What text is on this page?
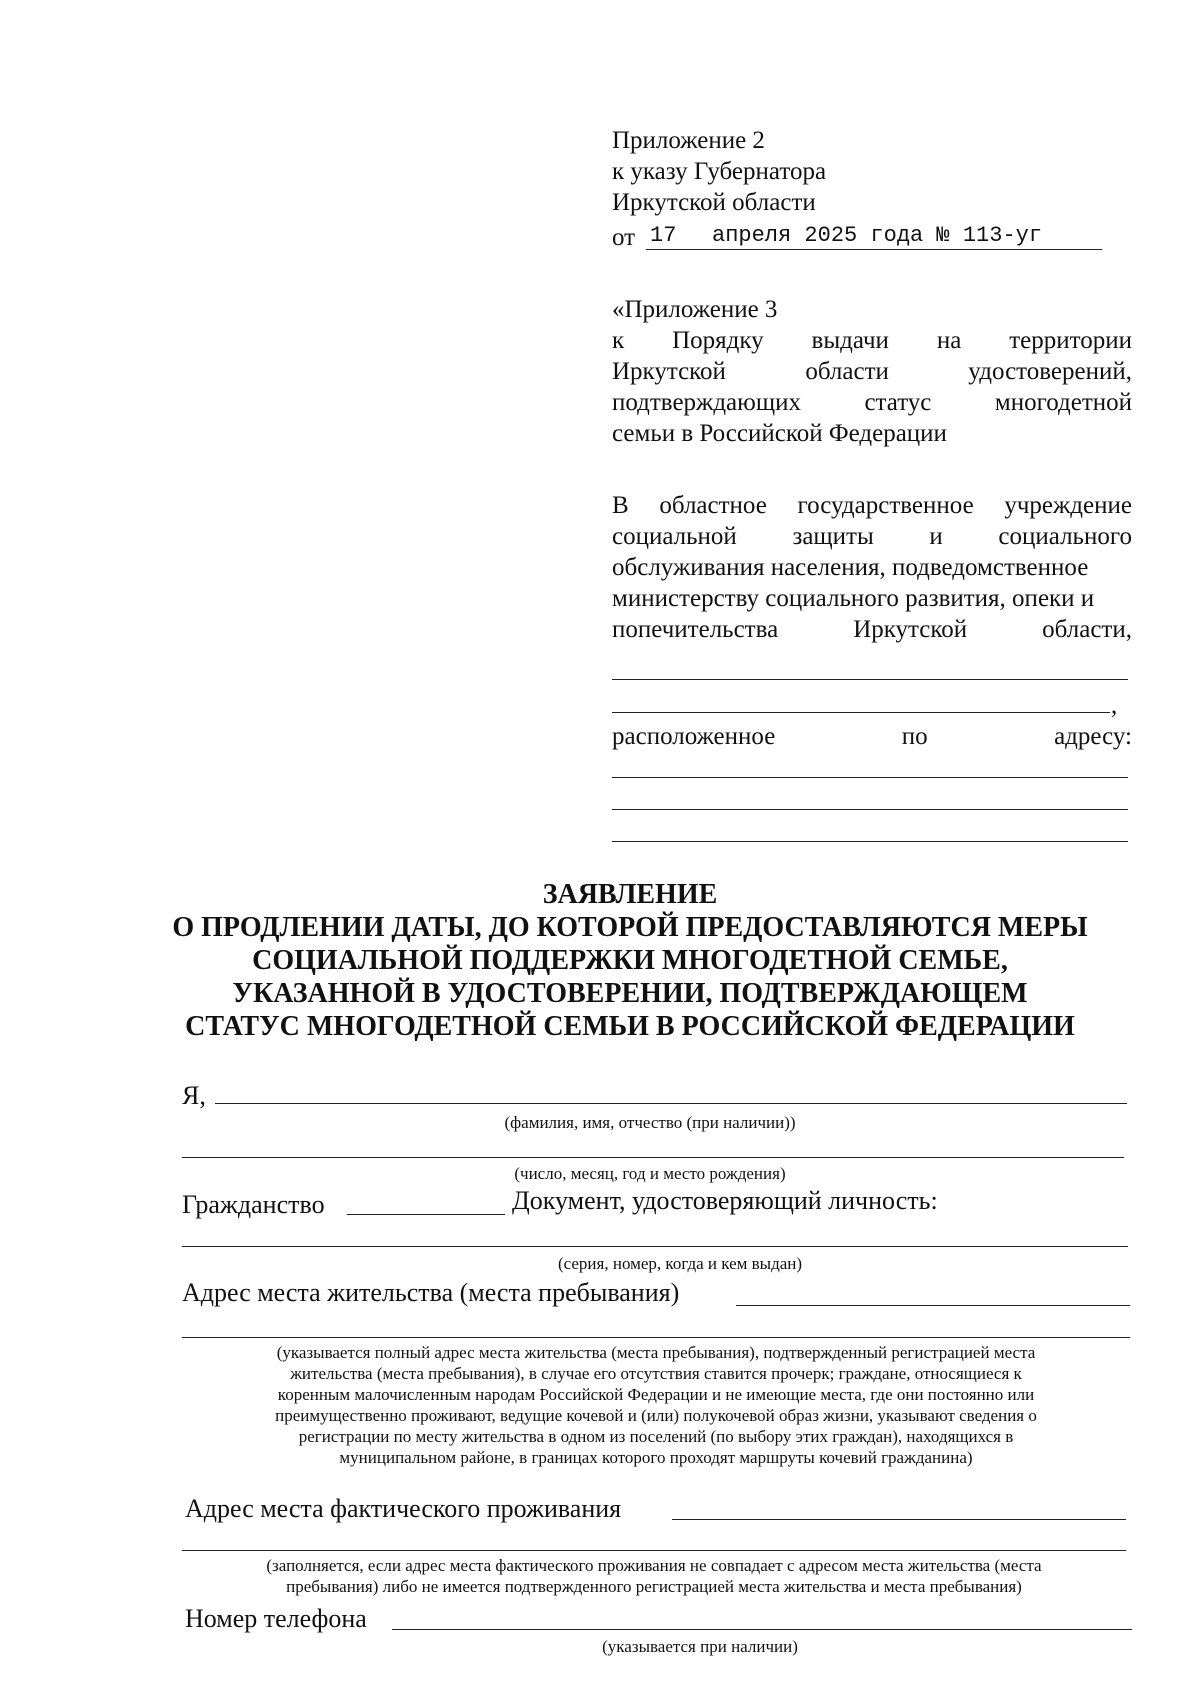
Приложение 2
к указу Губернатора
Иркутской области
от 17 апреля 2025 года № 113-уг
«Приложение 3
к Порядку выдачи на территории
Иркутской	области	удостоверений,
подтверждающих	статус	многодетной
семьи в Российской Федерации
В областное государственное учреждение
социальной защиты и социального
обслуживания населения, подведомственное
министерству социального развития, опеки и
попечительства	Иркутской	области,
,
расположенное	по	адресу:
ЗАЯВЛЕНИЕ
О ПРОДЛЕНИИ ДАТЫ, ДО КОТОРОЙ ПРЕДОСТАВЛЯЮТСЯ МЕРЫ
СОЦИАЛЬНОЙ ПОДДЕРЖКИ МНОГОДЕТНОЙ СЕМЬЕ,
УКАЗАННОЙ В УДОСТОВЕРЕНИИ, ПОДТВЕРЖДАЮЩЕМ
СТАТУС МНОГОДЕТНОЙ СЕМЬИ В РОССИЙСКОЙ ФЕДЕРАЦИИ
Я,
(фамилия, имя, отчество (при наличии))
(число, месяц, год и место рождения)
Гражданство	Документ, удостоверяющий личность:
(серия, номер, когда и кем выдан)
Адрес места жительства (места пребывания)
(указывается полный адрес места жительства (места пребывания), подтвержденный регистрацией места
жительства (места пребывания), в случае его отсутствия ставится прочерк; граждане, относящиеся к
коренным малочисленным народам Российской Федерации и не имеющие места, где они постоянно или
преимущественно проживают, ведущие кочевой и (или) полукочевой образ жизни, указывают сведения о
регистрации по месту жительства в одном из поселений (по выбору этих граждан), находящихся в
муниципальном районе, в границах которого проходят маршруты кочевий гражданина)
Адрес места фактического проживания
(заполняется, если адрес места фактического проживания не совпадает с адресом места жительства (места
пребывания) либо не имеется подтвержденного регистрацией места жительства и места пребывания)
Номер телефона
(указывается при наличии)
